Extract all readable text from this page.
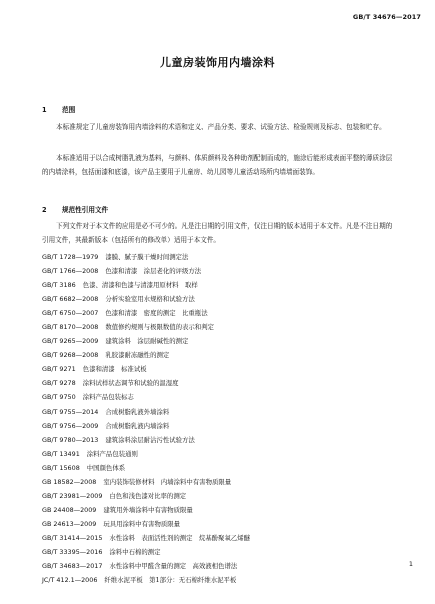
GB/T 34676—2017
儿童房装饰用内墙涂料
1 范围
本标准规定了儿童房装饰用内墙涂料的术语和定义、产品分类、要求、试验方法、检验规则及标志、包装和贮存。
本标准适用于以合成树脂乳液为基料，与颜料、体质颜料及各种助剂配制而成的，施涂后能形成表面平整的薄质涂层的内墙涂料，包括面漆和底漆，该产品主要用于儿童房、幼儿园等儿童活动场所内墙墙面装饰。
2 规范性引用文件
下列文件对于本文件的应用是必不可少的。凡是注日期的引用文件，仅注日期的版本适用于本文件。凡是不注日期的引用文件，其最新版本（包括所有的修改单）适用于本文件。
GB/T 1728—1979 漆膜、腻子膜干燥时间测定法
GB/T 1766—2008 色漆和清漆　涂层老化的评级方法
GB/T 3186 色漆、清漆和色漆与清漆用原材料　取样
GB/T 6682—2008 分析实验室用水规格和试验方法
GB/T 6750—2007 色漆和清漆　密度的测定　比重瓶法
GB/T 8170—2008 数值修约规则与极限数值的表示和判定
GB/T 9265—2009 建筑涂料　涂层耐碱性的测定
GB/T 9268—2008 乳胶漆耐冻融性的测定
GB/T 9271 色漆和清漆　标准试板
GB/T 9278 涂料试样状态调节和试验的温湿度
GB/T 9750 涂料产品包装标志
GB/T 9755—2014 合成树脂乳液外墙涂料
GB/T 9756—2009 合成树脂乳液内墙涂料
GB/T 9780—2013 建筑涂料涂层耐沾污性试验方法
GB/T 13491 涂料产品包装通则
GB/T 15608 中国颜色体系
GB 18582—2008 室内装饰装修材料　内墙涂料中有害物质限量
GB/T 23981—2009 白色和浅色漆对比率的测定
GB 24408—2009 建筑用外墙涂料中有害物质限量
GB 24613—2009 玩具用涂料中有害物质限量
GB/T 31414—2015 水性涂料　表面活性剂的测定　烷基酚聚氧乙烯醚
GB/T 33395—2016 涂料中石棉的测定
GB/T 34683—2017 水性涂料中甲醛含量的测定　高效液相色谱法
JC/T 412.1—2006 纤维水泥平板　第1部分：无石棉纤维水泥平板
1
